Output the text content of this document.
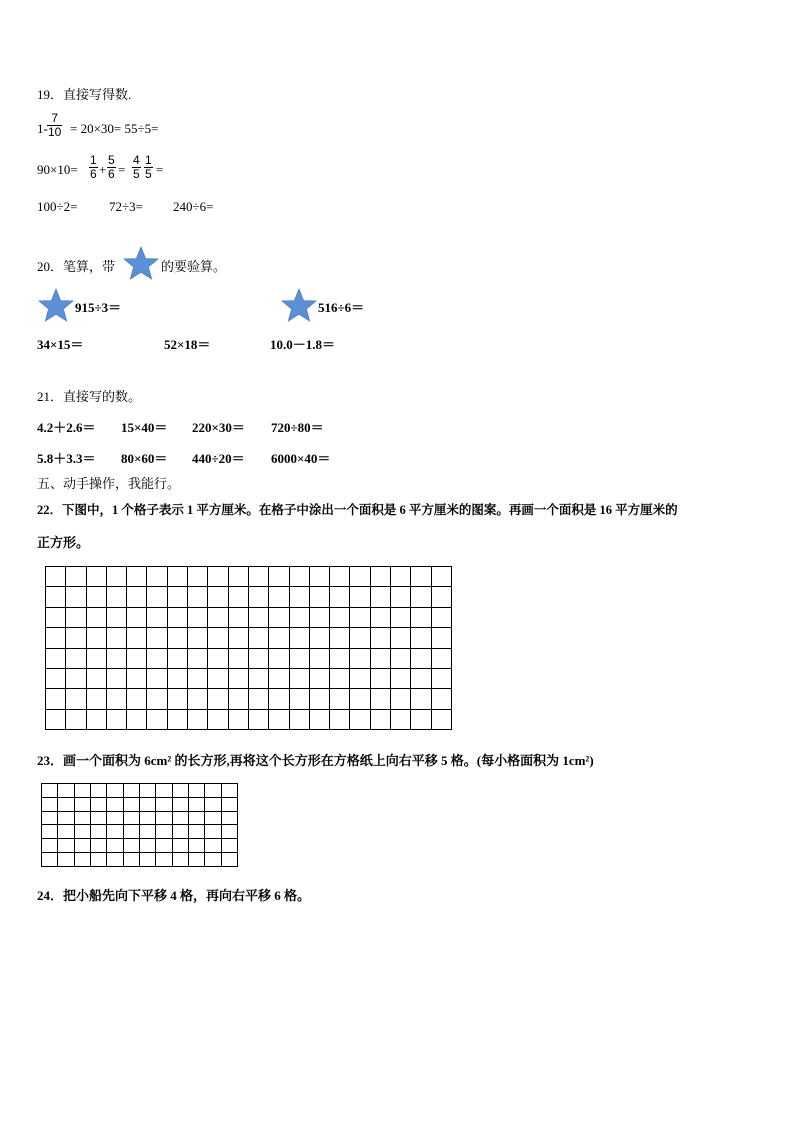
19．直接写得数.
$1- \frac{7}{10} = 20\times 30= 55\div 5=$
$90\times 10= \frac{1}{6} + \frac{5}{6} = \frac{4}{5} \frac{1}{5}$ =
100÷2= 72÷3= 240÷6=
20．笔算，带	的要验算。
915÷3＝	516÷6＝
34×15＝	52×18＝	10.0－1.8＝
21．直接写的数。
4.2＋2.6＝ 15×40＝ 220×30＝ 720÷80＝
5.8＋3.3＝ 80×60＝ 440÷20＝ 6000×40＝
五、动手操作，我能行。
22．下图中，1 个格子表示 1 平方厘米。在格子中涂出一个面积是 6 平方厘米的图案。再画一个面积是 16 平方厘米的
正方形。

23．画一个面积为 6cm² 的长方形,再将这个长方形在方格纸上向右平移 5 格。(每小格面积为 1cm²)

24．把小船先向下平移 4 格，再向右平移 6 格。
